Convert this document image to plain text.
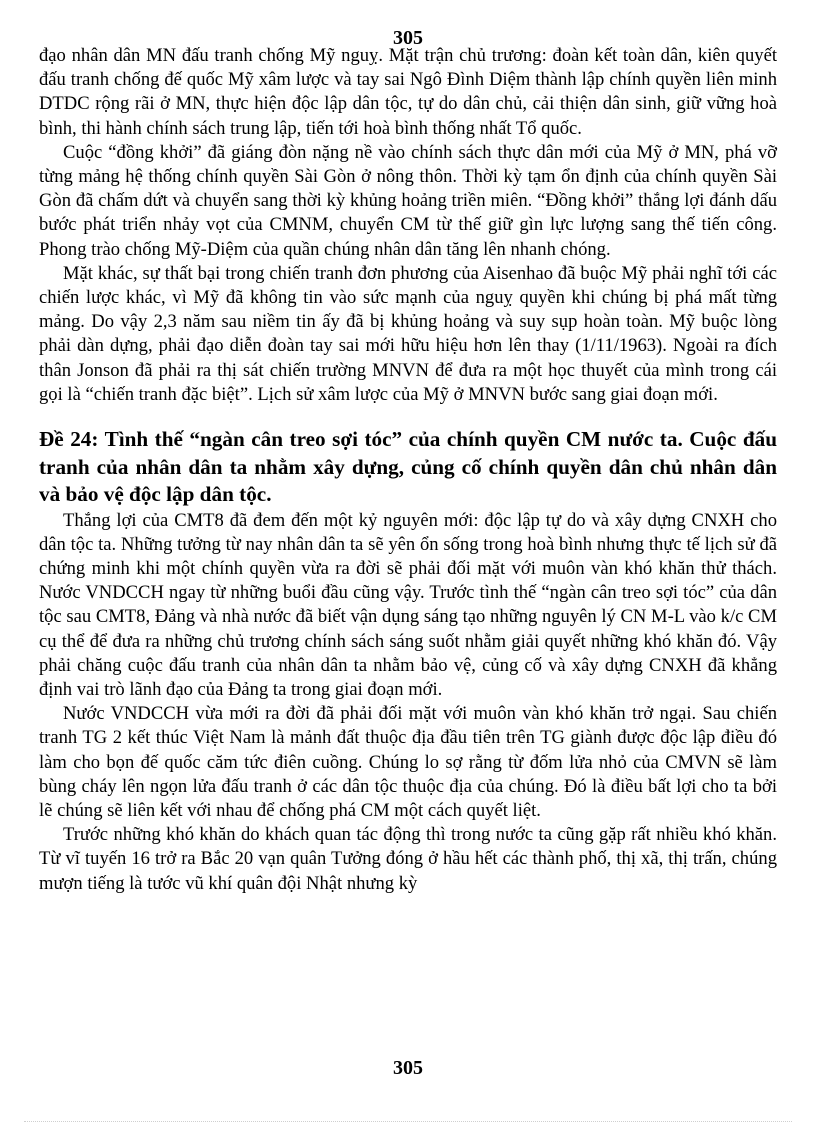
305

đạo nhân dân MN đấu tranh chống Mỹ nguỵ. Mặt trận chủ trương: đoàn kết toàn dân, kiên quyết đấu tranh chống đế quốc Mỹ xâm lược và tay sai Ngô Đình Diệm thành lập chính quyền liên minh DTDC rộng rãi ở MN, thực hiện độc lập dân tộc, tự do dân chủ, cải thiện dân sinh, giữ vững hoà bình, thi hành chính sách trung lập, tiến tới hoà bình thống nhất Tổ quốc.

Cuộc “đồng khởi” đã giáng đòn nặng nề vào chính sách thực dân mới của Mỹ ở MN, phá vỡ từng mảng hệ thống chính quyền Sài Gòn ở nông thôn. Thời kỳ tạm ổn định của chính quyền Sài Gòn đã chấm dứt và chuyển sang thời kỳ khủng hoảng triền miên. “Đồng khởi” thắng lợi đánh dấu bước phát triển nhảy vọt của CMNM, chuyển CM từ thế giữ gìn lực lượng sang thế tiến công. Phong trào chống Mỹ-Diệm của quần chúng nhân dân tăng lên nhanh chóng.

Mặt khác, sự thất bại trong chiến tranh đơn phương của Aisenhao đã buộc Mỹ phải nghĩ tới các chiến lược khác, vì Mỹ đã không tin vào sức mạnh của nguỵ quyền khi chúng bị phá mất từng mảng. Do vậy 2,3 năm sau niềm tin ấy đã bị khủng hoảng và suy sụp hoàn toàn. Mỹ buộc lòng phải dàn dựng, phải đạo diễn đoàn tay sai mới hữu hiệu hơn lên thay (1/11/1963). Ngoài ra đích thân Jonson đã phải ra thị sát chiến trường MNVN để đưa ra một học thuyết của mình trong cái gọi là “chiến tranh đặc biệt”. Lịch sử xâm lược của Mỹ ở MNVN bước sang giai đoạn mới.

Đề 24: Tình thế “ngàn cân treo sợi tóc” của chính quyền CM nước ta. Cuộc đấu tranh của nhân dân ta nhằm xây dựng, củng cố chính quyền dân chủ nhân dân và bảo vệ độc lập dân tộc.

Thắng lợi của CMT8 đã đem đến một kỷ nguyên mới: độc lập tự do và xây dựng CNXH cho dân tộc ta. Những tưởng từ nay nhân dân ta sẽ yên ổn sống trong hoà bình nhưng thực tế lịch sử đã chứng minh khi một chính quyền vừa ra đời sẽ phải đối mặt với muôn vàn khó khăn thử thách. Nước VNDCCH ngay từ những buổi đầu cũng vậy. Trước tình thế “ngàn cân treo sợi tóc” của dân tộc sau CMT8, Đảng và nhà nước đã biết vận dụng sáng tạo những nguyên lý CN M-L vào k/c CM cụ thể để đưa ra những chủ trương chính sách sáng suốt nhằm giải quyết những khó khăn đó. Vậy phải chăng cuộc đấu tranh của nhân dân ta nhằm bảo vệ, củng cố và xây dựng CNXH đã khẳng định vai trò lãnh đạo của Đảng ta trong giai đoạn mới.

Nước VNDCCH vừa mới ra đời đã phải đối mặt với muôn vàn khó khăn trở ngại. Sau chiến tranh TG 2 kết thúc Việt Nam là mảnh đất thuộc địa đầu tiên trên TG giành được độc lập điều đó làm cho bọn đế quốc căm tức điên cuồng. Chúng lo sợ rằng từ đốm lửa nhỏ của CMVN sẽ làm bùng cháy lên ngọn lửa đấu tranh ở các dân tộc thuộc địa của chúng. Đó là điều bất lợi cho ta bởi lẽ chúng sẽ liên kết với nhau để chống phá CM một cách quyết liệt.

Trước những khó khăn do khách quan tác động thì trong nước ta cũng gặp rất nhiều khó khăn. Từ vĩ tuyến 16 trở ra Bắc 20 vạn quân Tưởng đóng ở hầu hết các thành phố, thị xã, thị trấn, chúng mượn tiếng là tước vũ khí quân đội Nhật nhưng kỳ

305
